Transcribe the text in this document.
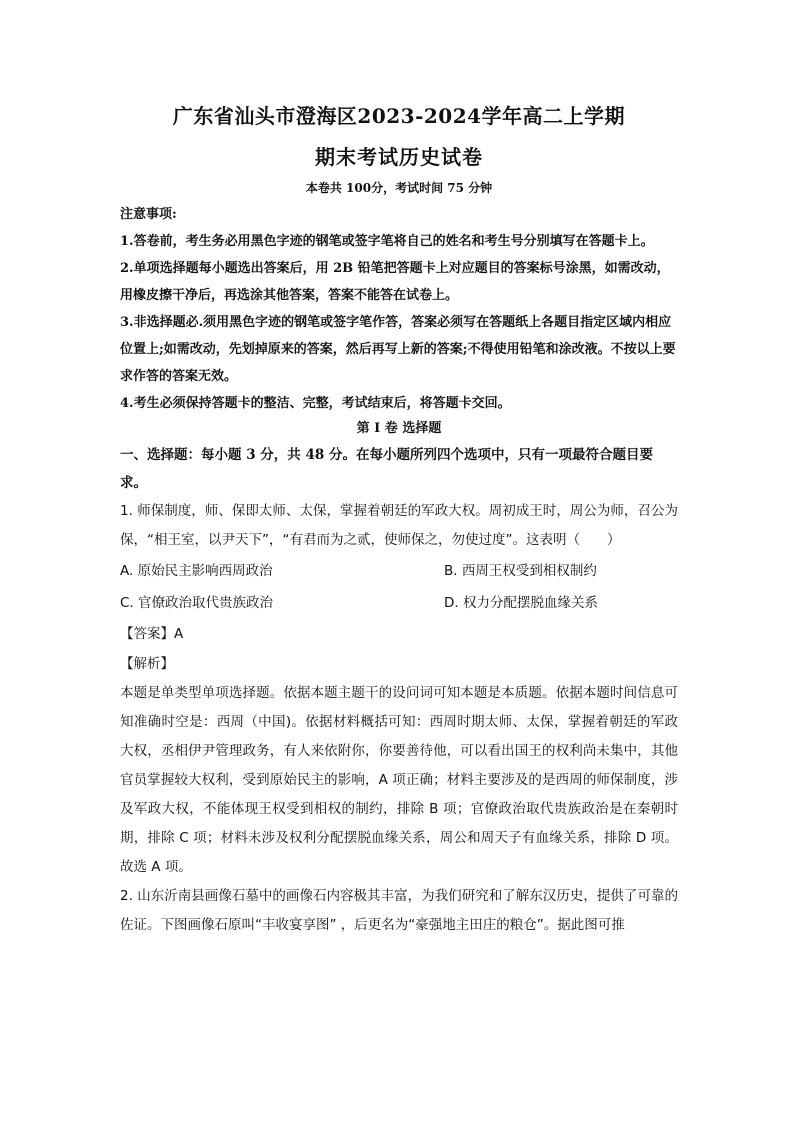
广东省汕头市澄海区2023-2024学年高二上学期
期末考试历史试卷
本卷共 100分，考试时间 75 分钟
注意事项:
1.答卷前，考生务必用黑色字迹的钢笔或签字笔将自己的姓名和考生号分别填写在答题卡上。
2.单项选择题每小题选出答案后，用 2B 铅笔把答题卡上对应题目的答案标号涂黑，如需改动，用橡皮擦干净后，再选涂其他答案，答案不能答在试卷上。
3.非选择题必.须用黑色字迹的钢笔或签字笔作答，答案必须写在答题纸上各题目指定区域内相应位置上;如需改动，先划掉原来的答案，然后再写上新的答案;不得使用铅笔和涂改液。不按以上要求作答的答案无效。
4.考生必须保持答题卡的整洁、完整，考试结束后，将答题卡交回。
第 I 卷 选择题
一、选择题：每小题 3 分，共 48 分。在每小题所列四个选项中，只有一项最符合题目要求。
1. 师保制度，师、保即太师、太保，掌握着朝廷的军政大权。周初成王时，周公为师，召公为保，“相王室，以尹天下”，“有君而为之贰，使师保之，勿使过度”。这表明（　　）
A. 原始民主影响西周政治	B. 西周王权受到相权制约
C. 官僚政治取代贵族政治	D. 权力分配摆脱血缘关系
【答案】A
【解析】
本题是单类型单项选择题。依据本题主题干的设问词可知本题是本质题。依据本题时间信息可知准确时空是：西周（中国)。依据材料概括可知：西周时期太师、太保，掌握着朝廷的军政大权，丞相伊尹管理政务，有人来依附你，你要善待他，可以看出国王的权利尚未集中，其他官员掌握较大权利，受到原始民主的影响，A 项正确；材料主要涉及的是西周的师保制度，涉及军政大权，不能体现王权受到相权的制约，排除 B 项；官僚政治取代贵族政治是在秦朝时期，排除 C 项；材料未涉及权利分配摆脱血缘关系，周公和周天子有血缘关系，排除 D 项。故选 A 项。
2. 山东沂南县画像石墓中的画像石内容极其丰富，为我们研究和了解东汉历史，提供了可靠的佐证。下图画像石原叫“丰收宴享图” ，后更名为“豪强地主田庄的粮仓”。据此图可推
